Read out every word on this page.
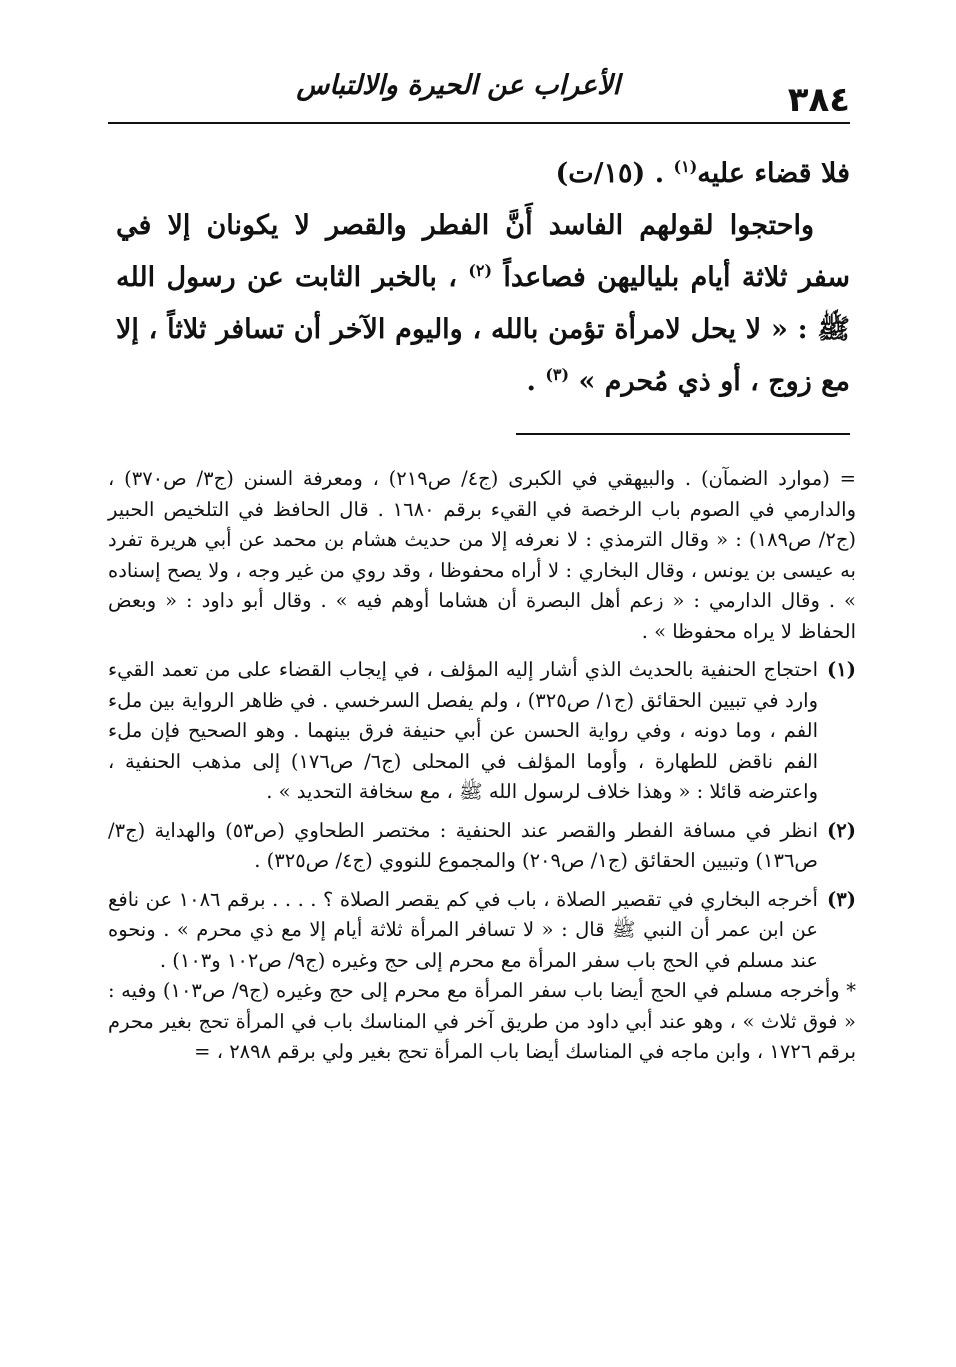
٣٨٤
الأعراب عن الحيرة والالتباس

فلا قضاء عليه$^{(١)}$ . (١٥/ت)

واحتجوا لقولهم الفاسد أَنَّ الفطر والقصر لا يكونان إلا في سفر ثلاثة أيام بلياليهن فصاعداً $^{(٢)}$ ، بالخبر الثابت عن رسول الله ﷺ : « لا يحل لامرأة تؤمن بالله ، واليوم الآخر أن تسافر ثلاثاً ، إلا مع زوج ، أو ذي مُحرم » $^{(٣)}$ .

= (موارد الضمآن) . والبيهقي في الكبرى (ج٤/ ص٢١٩) ، ومعرفة السنن (ج٣/ ص٣٧٠) ، والدارمي في الصوم باب الرخصة في القيء برقم ١٦٨٠ . قال الحافظ في التلخيص الحبير (ج٢/ ص١٨٩) : « وقال الترمذي : لا نعرفه إلا من حديث هشام بن محمد عن أبي هريرة تفرد به عيسى بن يونس ، وقال البخاري : لا أراه محفوظا ، وقد روي من غير وجه ، ولا يصح إسناده » . وقال الدارمي : « زعم أهل البصرة أن هشاما أوهم فيه » . وقال أبو داود : « وبعض الحفاظ لا يراه محفوظا » .

(١)
احتجاج الحنفية بالحديث الذي أشار إليه المؤلف ، في إيجاب القضاء على من تعمد القيء وارد في تبيين الحقائق (ج١/ ص٣٢٥) ، ولم يفصل السرخسي . في ظاهر الرواية بين ملء الفم ، وما دونه ، وفي رواية الحسن عن أبي حنيفة فرق بينهما . وهو الصحيح فإن ملء الفم ناقض للطهارة ، وأوما المؤلف في المحلى (ج٦/ ص١٧٦) إلى مذهب الحنفية ، واعترضه قائلا : « وهذا خلاف لرسول الله ﷺ ، مع سخافة التحديد » .
(٢)
انظر في مسافة الفطر والقصر عند الحنفية : مختصر الطحاوي (ص٥٣) والهداية (ج٣/ ص١٣٦) وتبيين الحقائق (ج١/ ص٢٠٩) والمجموع للنووي (ج٤/ ص٣٢٥) .
(٣)
أخرجه البخاري في تقصير الصلاة ، باب في كم يقصر الصلاة ؟ . . . . برقم ١٠٨٦ عن نافع عن ابن عمر أن النبي ﷺ قال : « لا تسافر المرأة ثلاثة أيام إلا مع ذي محرم » . ونحوه عند مسلم في الحج باب سفر المرأة مع محرم إلى حج وغيره (ج٩/ ص١٠٢ و١٠٣) .

* وأخرجه مسلم في الحج أيضا باب سفر المرأة مع محرم إلى حج وغيره (ج٩/ ص١٠٣) وفيه : « فوق ثلاث » ، وهو عند أبي داود من طريق آخر في المناسك باب في المرأة تحج بغير محرم برقم ١٧٢٦ ، وابن ماجه في المناسك أيضا باب المرأة تحج بغير ولي برقم ٢٨٩٨ ، =
